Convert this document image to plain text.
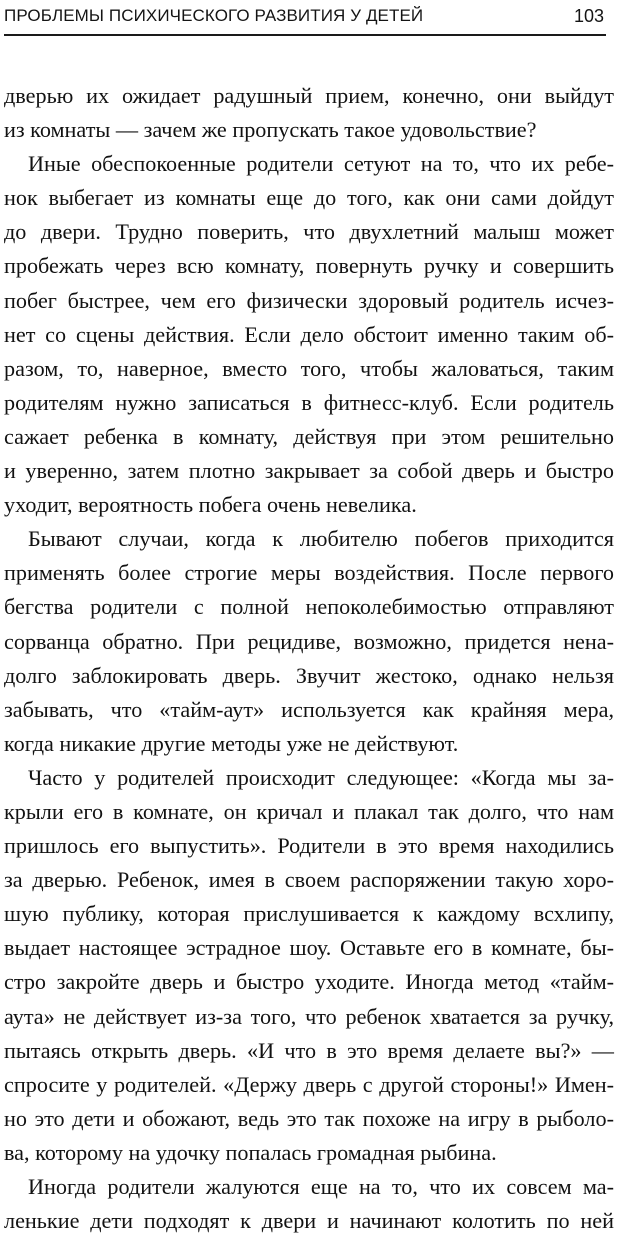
ПРОБЛЕМЫ ПСИХИЧЕСКОГО РАЗВИТИЯ У ДЕТЕЙ	103
дверью их ожидает радушный прием, конечно, они выйдут
из комнаты — зачем же пропускать такое удовольствие?
Иные обеспокоенные родители сетуют на то, что их ребе-
нок выбегает из комнаты еще до того, как они сами дойдут
до двери. Трудно поверить, что двухлетний малыш может
пробежать через всю комнату, повернуть ручку и совершить
побег быстрее, чем его физически здоровый родитель исчез-
нет со сцены действия. Если дело обстоит именно таким об-
разом, то, наверное, вместо того, чтобы жаловаться, таким
родителям нужно записаться в фитнесс-клуб. Если родитель
сажает ребенка в комнату, действуя при этом решительно
и уверенно, затем плотно закрывает за собой дверь и быстро
уходит, вероятность побега очень невелика.
Бывают случаи, когда к любителю побегов приходится
применять более строгие меры воздействия. После первого
бегства родители с полной непоколебимостью отправляют
сорванца обратно. При рецидиве, возможно, придется нена-
долго заблокировать дверь. Звучит жестоко, однако нельзя
забывать, что «тайм-аут» используется как крайняя мера,
когда никакие другие методы уже не действуют.
Часто у родителей происходит следующее: «Когда мы за-
крыли его в комнате, он кричал и плакал так долго, что нам
пришлось его выпустить». Родители в это время находились
за дверью. Ребенок, имея в своем распоряжении такую хоро-
шую публику, которая прислушивается к каждому всхлипу,
выдает настоящее эстрадное шоу. Оставьте его в комнате, бы-
стро закройте дверь и быстро уходите. Иногда метод «тайм-
аута» не действует из-за того, что ребенок хватается за ручку,
пытаясь открыть дверь. «И что в это время делаете вы?» —
спросите у родителей. «Держу дверь с другой стороны!» Имен-
но это дети и обожают, ведь это так похоже на игру в рыболо-
ва, которому на удочку попалась громадная рыбина.
Иногда родители жалуются еще на то, что их совсем ма-
ленькие дети подходят к двери и начинают колотить по ней
